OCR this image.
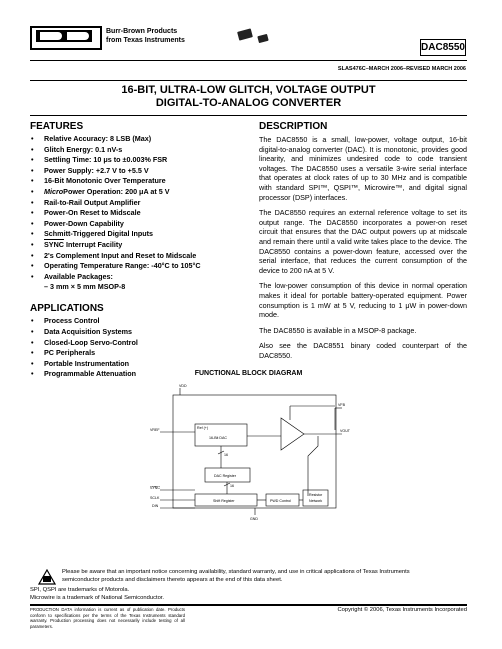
Burr-Brown Products
from Texas Instruments
DAC8550
SLAS476C–MARCH 2006–REVISED MARCH 2006
16-BIT, ULTRA-LOW GLITCH, VOLTAGE OUTPUT
DIGITAL-TO-ANALOG CONVERTER
FEATURES
• Relative Accuracy: 8 LSB (Max)
• Glitch Energy: 0.1 nV-s
• Settling Time: 10 μs to ±0.003% FSR
• Power Supply: +2.7 V to +5.5 V
• 16-Bit Monotonic Over Temperature
• MicroPower Operation: 200 μA at 5 V
• Rail-to-Rail Output Amplifier
• Power-On Reset to Midscale
• Power-Down Capability
• Schmitt-Triggered Digital Inputs
• SYNC Interrupt Facility
• 2's Complement Input and Reset to Midscale
• Operating Temperature Range: -40°C to 105°C
• Available Packages:
– 3 mm × 5 mm MSOP-8
APPLICATIONS
• Process Control
• Data Acquisition Systems
• Closed-Loop Servo-Control
• PC Peripherals
• Portable Instrumentation
• Programmable Attenuation
DESCRIPTION

The DAC8550 is a small, low-power, voltage output, 16-bit digital-to-analog converter (DAC). It is monotonic, provides good linearity, and minimizes undesired code to code transient voltages. The DAC8550 uses a versatile 3-wire serial interface that operates at clock rates of up to 30 MHz and is compatible with standard SPI™, QSPI™, Microwire™, and digital signal processor (DSP) interfaces.

The DAC8550 requires an external reference voltage to set its output range. The DAC8550 incorporates a power-on reset circuit that ensures that the DAC output powers up at midscale and remain there until a valid write takes place to the device. The DAC8550 contains a power-down feature, accessed over the serial interface, that reduces the current consumption of the device to 200 nA at 5 V.

The low-power consumption of this device in normal operation makes it ideal for portable battery-operated equipment. Power consumption is 1 mW at 5 V, reducing to 1 μW in power-down mode.

The DAC8550 is available in a MSOP-8 package.

Also see the DAC8551 binary coded counterpart of the DAC8550.

FUNCTIONAL BLOCK DIAGRAM
VDD
VREF	Ref (+)
16-Bit DAC
VFB
VOUT
DAC Register
Shift Register	PWD Control
Resistor
Network
SYNC
SCLK
DIN
GND
16
16
Please be aware that an important notice concerning availability, standard warranty, and use in critical applications of Texas Instruments semiconductor products and disclaimers thereto appears at the end of this data sheet.
SPI, QSPI are trademarks of Motorola.
Microwire is a trademark of National Semiconductor.
PRODUCTION DATA information is current as of publication date. Products conform to specifications per the terms of the Texas Instruments standard warranty. Production processing does not necessarily include testing of all parameters.
Copyright © 2006, Texas Instruments Incorporated
